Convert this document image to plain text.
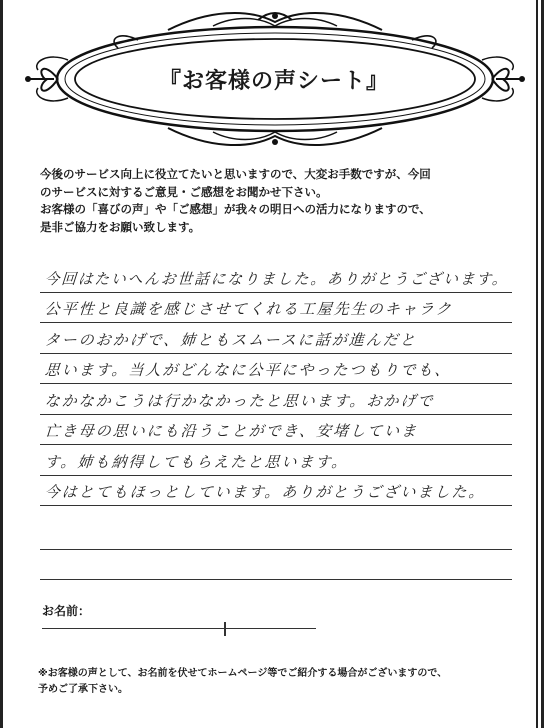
『お客様の声シート』

今後のサービス向上に役立てたいと思いますので、大変お手数ですが、今回

のサービスに対するご意見・ご感想をお聞かせ下さい。

お客様の「喜びの声」や「ご感想」が我々の明日への活力になりますので、

是非ご協力をお願い致します。

今回はたいへんお世話になりました。ありがとうございます。
公平性と良識を感じさせてくれる工屋先生のキャラク
ターのおかげで、姉ともスムースに話が進んだと
思います。当人がどんなに公平にやったつもりでも、
なかなかこうは行かなかったと思います。おかげで
亡き母の思いにも沿うことができ、安堵していま
す。姉も納得してもらえたと思います。
今はとてもほっとしています。ありがとうございました。
お名前：

※お客様の声として、お名前を伏せてホームページ等でご紹介する場合がございますので、

予めご了承下さい。
